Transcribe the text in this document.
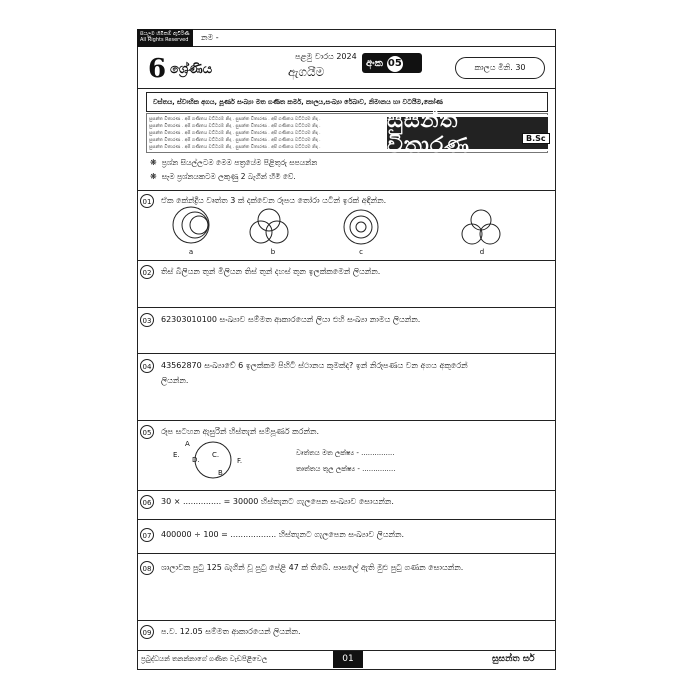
සියලුම හිමිකම් ඇවිරිණි All Rights Reserved	නම -
6 ශ්‍රේණිය
පළමු වාරය 2024
ඇගයීම
අංක 05	කාලය මිනි. 30
වස්තය, ස්වාභික අගය, පූර්ණ සංඛ්‍යා මත ගණිත කර්ම, කාලය,සංඛ්‍යා රේඛාව, නිමානය හා වටයීම,කෝණ
සුසන්ත විතාරණ . අපි ගණිතය වට්ටරම නිදා . සුසන්ත විතාරණ . අපි ගණිතය වට්ටරම නිදා .
සුසන්ත විතාරණ . අපි ගණිතය වට්ටරම නිදා . සුසන්ත විතාරණ . අපි ගණිතය වට්ටරම නිදා .
සුසන්ත විතාරණ . අපි ගණිතය වට්ටරම නිදා . සුසන්ත විතාරණ . අපි ගණිතය වට්ටරම නිදා .
සුසන්ත විතාරණ . අපි ගණිතය වට්ටරම නිදා . සුසන්ත විතාරණ . අපි ගණිතය වට්ටරම නිදා .
සුසන්ත විතාරණ . අපි ගණිතය වට්ටරම නිදා . සුසන්ත විතාරණ . අපි ගණිතය වට්ටරම නිදා .
සුසන්ත විතාරණ	B.Sc
❋ ප්‍රශ්න සියල්ලටම මෙම පත්‍රයේම පිළිතුරු සපයන්න
❋ සෑම ප්‍රශ්නයකටම ලකුණු 2 බැගින් හිමි වේ.
01	ඒක කේන්ද්‍රීය වෘත්ත 3 ක් දක්වෙන රූපය තෝරා යටින් ඉරක් අඳින්න.
a	b	c	d
02	තිස් බිලියන තුන් මිලියන තිස් තුන් දහස් තුන ඉලක්කමෙන් ලියන්න.
03	62303010100 සංඛ්‍යාව සම්මත ආකාරයෙන් ලියා එහි සංඛ්‍යා නාමය ලියන්න.
04	43562870 සංඛ්‍යාවේ 6 ඉලක්කම පිහිටි ස්ථානය කුමක්ද? ඉන් නිරූපණය වන අගය අකුරෙන්
ලියන්න.
05	රූප සටහන ඇසුරින් හිස්තැන් සම්පූර්ණ කරන්න.
A
E.
D.
C.
F.
B
වෘත්තය මත ලක්ෂ්‍ය - ...............
තෘත්තය තුල ලක්ෂ්‍ය - ...............
06	30 × ............... = 30000 හිස්තැනට ගැලපෙන සංඛ්‍යාව සොයන්න.
07	400000 ÷ 100 = .................. හිස්තැනට ගැලපෙන සංඛ්‍යාව ලියන්න.
08	ශාලාවක පුටු 125 බැගින් වූ පුටු පේළි 47 ක් තිබේ. පාසලේ ඇති මුළු පුටු ගණන සොයන්න.
09	ප.ව. 12.05 සම්මත ආකාරයෙන් ලියන්න.
ප්‍රබුද්ධයන් තනන්නාගේ ගණිත වැඩපිළිවෙල	01	සුසන්ත සර්
